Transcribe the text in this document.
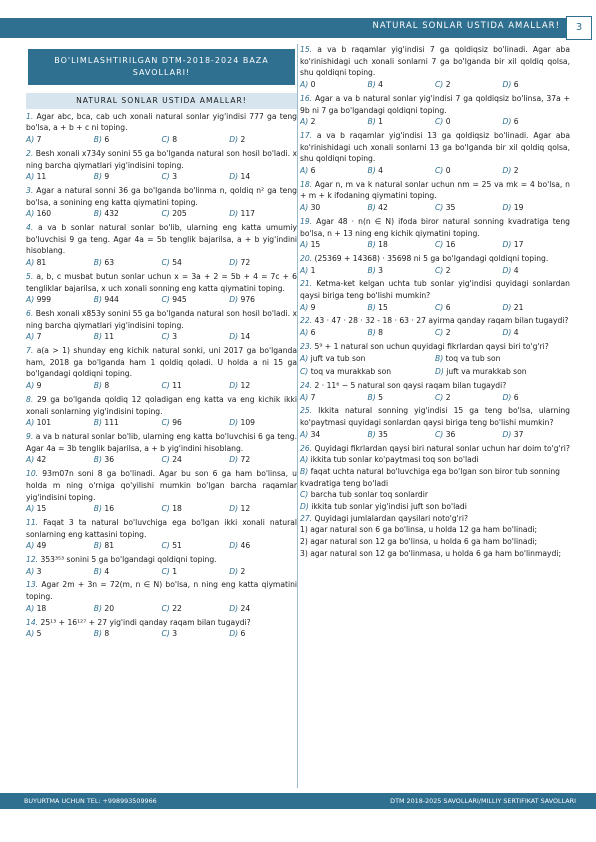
NATURAL SONLAR USTIDA AMALLAR!	3
BO'LIMLASHTIRILGAN DTM-2018-2024 BAZA SAVOLLARI!
NATURAL SONLAR USTIDA AMALLAR!

1. Agar abc, bca, cab uch xonali natural sonlar yig'indisi 777 ga teng bo'lsa, a + b + c ni toping.

A) 7	B) 6	C) 8	D) 2

2. Besh xonali x734y sonini 55 ga bo'lganda natural son hosil bo'ladi. x ning barcha qiymatlari yig'indisini toping.

A) 11	B) 9	C) 3	D) 14

3. Agar a natural sonni 36 ga bo'lganda bo'linma n, qoldiq n² ga teng bo'lsa, a sonining eng katta qiymatini toping.

A) 160	B) 432	C) 205	D) 117

4. a va b sonlar natural sonlar bo'lib, ularning eng katta umumiy bo'luvchisi 9 ga teng. Agar 4a = 5b tenglik bajarilsa, a + b yig'indini hisoblang.

A) 81	B) 63	C) 54	D) 72

5. a, b, c musbat butun sonlar uchun x = 3a + 2 = 5b + 4 = 7c + 6 tengliklar bajarilsa, x uch xonali sonning eng katta qiymatini toping.

A) 999	B) 944	C) 945	D) 976

6. Besh xonali x853y sonini 55 ga bo'lganda natural son hosil bo'ladi. x ning barcha qiymatlari yig'indisini toping.

A) 7	B) 11	C) 3	D) 14

7. a(a > 1) shunday eng kichik natural sonki, uni 2017 ga bo'lganda ham, 2018 ga bo'lganda ham 1 qoldiq qoladi. U holda a ni 15 ga bo'lgandagi qoldiqni toping.

A) 9	B) 8	C) 11	D) 12

8. 29 ga bo'lganda qoldiq 12 qoladigan eng katta va eng kichik ikki xonali sonlarning yig'indisini toping.

A) 101	B) 111	C) 96	D) 109

9. a va b natural sonlar bo'lib, ularning eng katta bo'luvchisi 6 ga teng. Agar 4a = 3b tenglik bajarilsa, a + b yig'indini hisoblang.

A) 42	B) 36	C) 24	D) 72

10. 93m07n soni 8 ga bo'linadi. Agar bu son 6 ga ham bo'linsa, u holda m ning o'rniga qo'yilishi mumkin bo'lgan barcha raqamlar yig'indisini toping.

A) 15	B) 16	C) 18	D) 12

11. Faqat 3 ta natural bo'luvchiga ega bo'lgan ikki xonali natural sonlarning eng kattasini toping.

A) 49	B) 81	C) 51	D) 46

12. 353³⁵³ sonini 5 ga bo'lgandagi qoldiqni toping.

A) 3	B) 4	C) 1	D) 2

13. Agar 2m + 3n = 72(m, n ∈ N) bo'lsa, n ning eng katta qiymatini toping.

A) 18	B) 20	C) 22	D) 24

14. 25¹³ + 16¹²⁷ + 27 yig'indi qanday raqam bilan tugaydi?

A) 5	B) 8	C) 3	D) 6

15. a va b raqamlar yig'indisi 7 ga qoldiqsiz bo'linadi. Agar aba ko'rinishidagi uch xonali sonlarni 7 ga bo'lganda bir xil qoldiq qolsa, shu qoldiqni toping.

A) 0	B) 4	C) 2	D) 6

16. Agar a va b natural sonlar yig'indisi 7 ga qoldiqsiz bo'linsa, 37a + 9b ni 7 ga bo'lgandagi qoldiqni toping.

A) 2	B) 1	C) 0	D) 6

17. a va b raqamlar yig'indisi 13 ga qoldiqsiz bo'linadi. Agar aba ko'rinishidagi uch xonali sonlarni 13 ga bo'lganda bir xil qoldiq qolsa, shu qoldiqni toping.

A) 6	B) 4	C) 0	D) 2

18. Agar n, m va k natural sonlar uchun nm = 25 va mk = 4 bo'lsa, n + m + k ifodaning qiymatini toping.

A) 30	B) 42	C) 35	D) 19

19. Agar 48 · n(n ∈ N) ifoda biror natural sonning kvadratiga teng bo'lsa, n + 13 ning eng kichik qiymatini toping.

A) 15	B) 18	C) 16	D) 17

20. (25369 + 14368) · 35698 ni 5 ga bo'lgandagi qoldiqni toping.

A) 1	B) 3	C) 2	D) 4

21. Ketma-ket kelgan uchta tub sonlar yig'indisi quyidagi sonlardan qaysi biriga teng bo'lishi mumkin?

A) 9	B) 15	C) 6	D) 21

22. 43 · 47 · 28 · 32 - 18 · 63 · 27 ayirma qanday raqam bilan tugaydi?

A) 6	B) 8	C) 2	D) 4

23. 5⁹ + 1 natural son uchun quyidagi fikrlardan qaysi biri to'g'ri?

A) juft va tub son	B) toq va tub son
C) toq va murakkab son	D) juft va murakkab son

24. 2 · 11⁶ − 5 natural son qaysi raqam bilan tugaydi?

A) 7	B) 5	C) 2	D) 6

25. Ikkita natural sonning yig'indisi 15 ga teng bo'lsa, ularning ko'paytmasi quyidagi sonlardan qaysi biriga teng bo'lishi mumkin?

A) 34	B) 35	C) 36	D) 37

26. Quyidagi fikrlardan qaysi biri natural sonlar uchun har doim to'g'ri?

A) ikkita tub sonlar ko'paytmasi toq son bo'ladi

B) faqat uchta natural bo'luvchiga ega bo'lgan son biror tub sonning kvadratiga teng bo'ladi

C) barcha tub sonlar toq sonlardir

D) ikkita tub sonlar yig'indisi juft son bo'ladi

27. Quyidagi jumlalardan qaysilari noto'g'ri?

1) agar natural son 6 ga bo'linsa, u holda 12 ga ham bo'linadi;

2) agar natural son 12 ga bo'linsa, u holda 6 ga ham bo'linadi;

3) agar natural son 12 ga bo'linmasa, u holda 6 ga ham bo'linmaydi;

BUYURTMA UCHUN TEL: +998993509966	DTM 2018-2025 SAVOLLARI/MILLIY SERTIFIKAT SAVOLLARI
